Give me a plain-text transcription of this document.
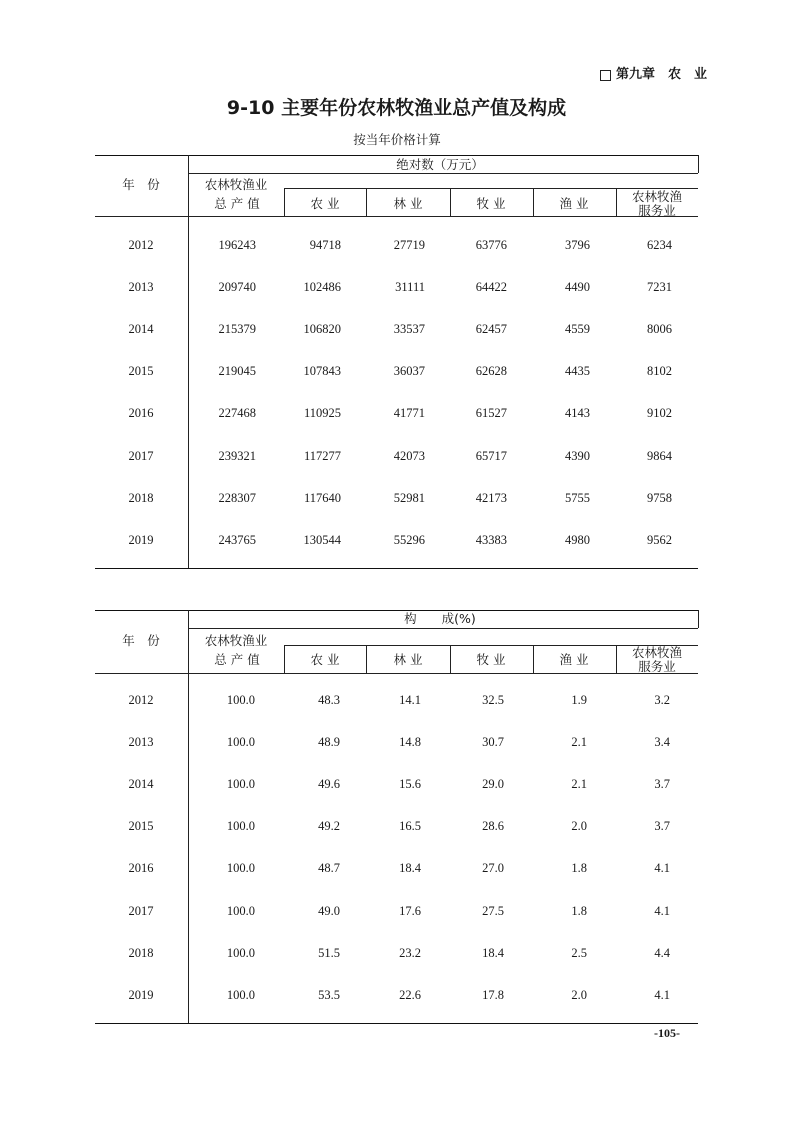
第九章　农　业
9-10 主要年份农林牧渔业总产值及构成
按当年价格计算
绝对数（万元）
年　份	农林牧渔业
总 产 值	农 业	林 业	牧 业	渔 业	农林牧渔
服务业
2012	196243	94718	27719	63776	3796	6234
2013	209740	102486	31111	64422	4490	7231
2014	215379	106820	33537	62457	4559	8006
2015	219045	107843	36037	62628	4435	8102
2016	227468	110925	41771	61527	4143	9102
2017	239321	117277	42073	65717	4390	9864
2018	228307	117640	52981	42173	5755	9758
2019	243765	130544	55296	43383	4980	9562
构　　成(%)
年　份	农林牧渔业
总 产 值	农 业	林 业	牧 业	渔 业	农林牧渔
服务业
2012	100.0	48.3	14.1	32.5	1.9	3.2
2013	100.0	48.9	14.8	30.7	2.1	3.4
2014	100.0	49.6	15.6	29.0	2.1	3.7
2015	100.0	49.2	16.5	28.6	2.0	3.7
2016	100.0	48.7	18.4	27.0	1.8	4.1
2017	100.0	49.0	17.6	27.5	1.8	4.1
2018	100.0	51.5	23.2	18.4	2.5	4.4
2019	100.0	53.5	22.6	17.8	2.0	4.1
-105-
